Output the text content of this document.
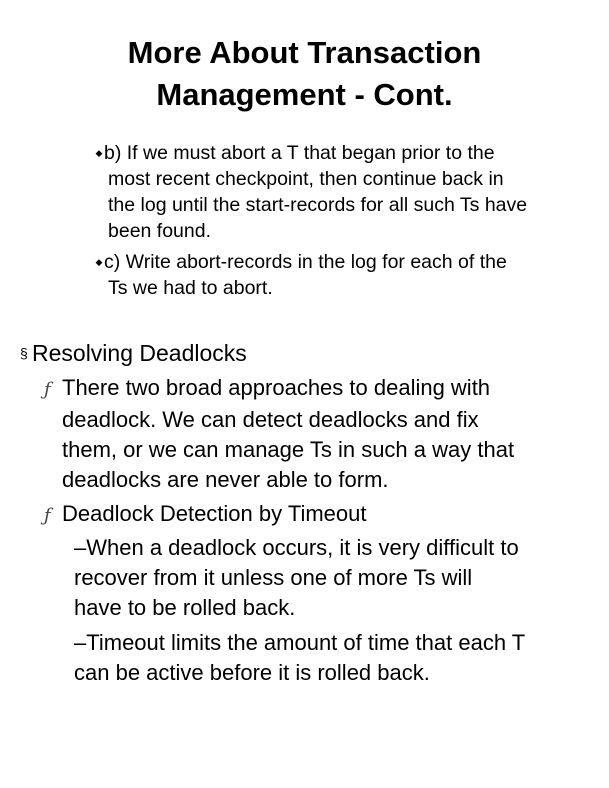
More About Transaction
Management - Cont.
◆b) If we must abort a T that began prior to the
most recent checkpoint, then continue back in
the log until the start-records for all such Ts have
been found.
◆c) Write abort-records in the log for each of the
Ts we had to abort.
§ Resolving Deadlocks
ƒ There two broad approaches to dealing with
deadlock. We can detect deadlocks and fix
them, or we can manage Ts in such a way that
deadlocks are never able to form.
ƒ Deadlock Detection by Timeout
–When a deadlock occurs, it is very difficult to
recover from it unless one of more Ts will
have to be rolled back.
–Timeout limits the amount of time that each T
can be active before it is rolled back.
